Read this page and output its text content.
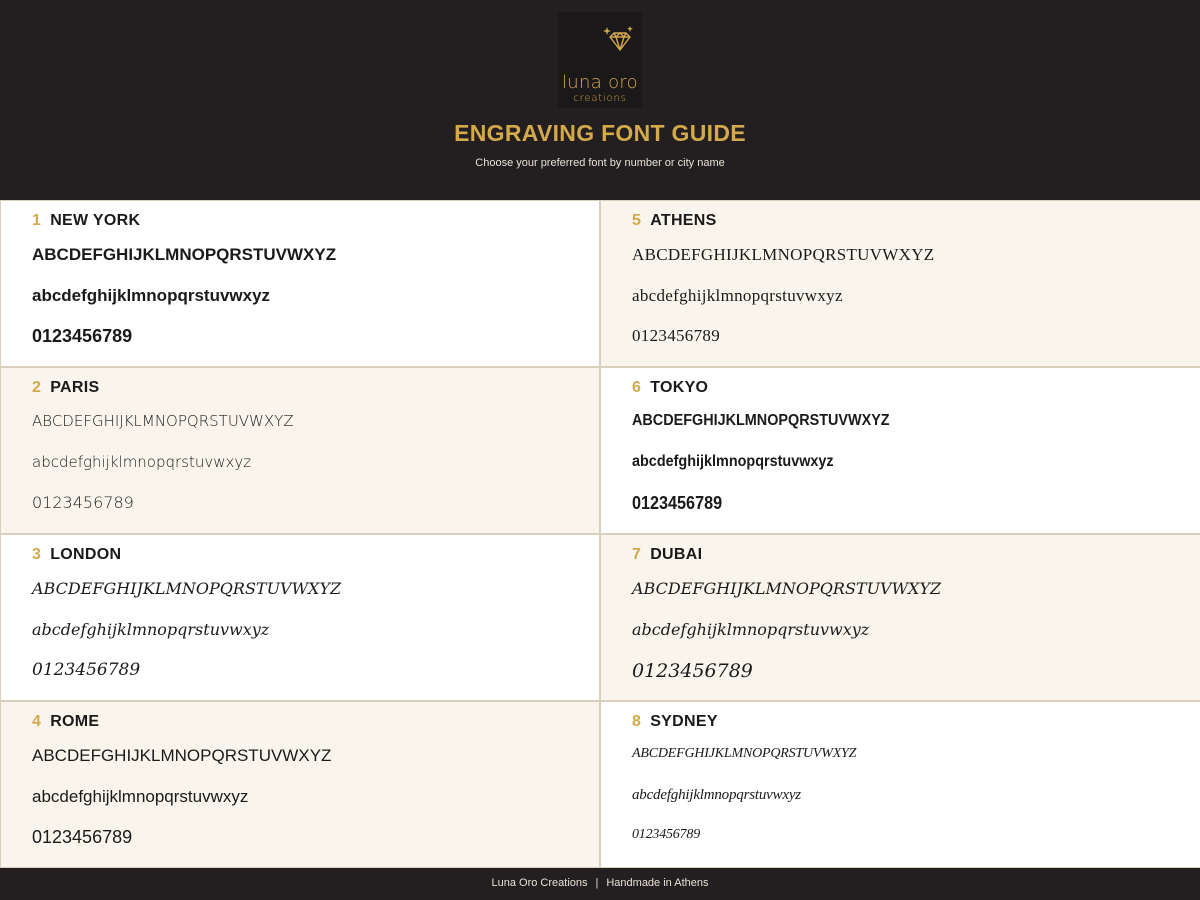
luna oro
creations
ENGRAVING FONT GUIDE
Choose your preferred font by number or city name
1 NEW YORK
ABCDEFGHIJKLMNOPQRSTUVWXYZ
abcdefghijklmnopqrstuvwxyz
0123456789
5 ATHENS
ABCDEFGHIJKLMNOPQRSTUVWXYZ
abcdefghijklmnopqrstuvwxyz
0123456789
2 PARIS
ABCDEFGHIJKLMNOPQRSTUVWXYZ
abcdefghijklmnopqrstuvwxyz
0123456789
6 TOKYO
ABCDEFGHIJKLMNOPQRSTUVWXYZ
abcdefghijklmnopqrstuvwxyz
0123456789
3 LONDON
ABCDEFGHIJKLMNOPQRSTUVWXYZ
abcdefghijklmnopqrstuvwxyz
0123456789
7 DUBAI
ABCDEFGHIJKLMNOPQRSTUVWXYZ
abcdefghijklmnopqrstuvwxyz
0123456789
4 ROME
ABCDEFGHIJKLMNOPQRSTUVWXYZ
abcdefghijklmnopqrstuvwxyz
0123456789
8 SYDNEY
ABCDEFGHIJKLMNOPQRSTUVWXYZ
abcdefghijklmnopqrstuvwxyz
0123456789
Luna Oro Creations | Handmade in Athens
